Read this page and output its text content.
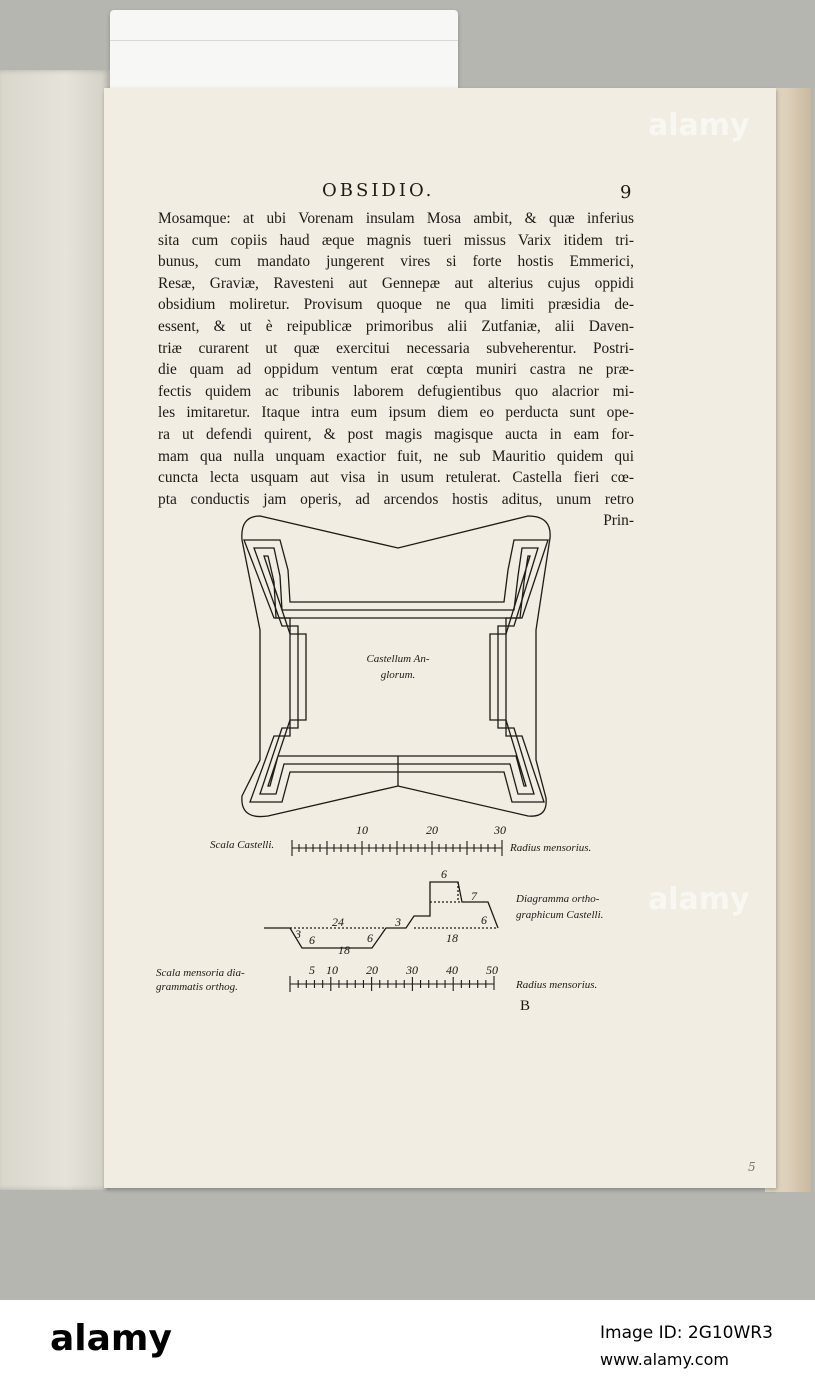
OBSIDIO.	9
Mosamque: at ubi Vorenam insulam Mosa ambit, & quæ inferius
sita cum copiis haud æque magnis tueri missus Varix itidem tri-
bunus, cum mandato jungerent vires si forte hostis Emmerici,
Resæ, Graviæ, Ravesteni aut Gennepæ aut alterius cujus oppidi
obsidium moliretur. Provisum quoque ne qua limiti præsidia de-
essent, & ut è reipublicæ primoribus alii Zutfaniæ, alii Daven-
triæ curarent ut quæ exercitui necessaria subveherentur. Postri-
die quam ad oppidum ventum erat cœpta muniri castra ne præ-
fectis quidem ac tribunis laborem defugientibus quo alacrior mi-
les imitaretur. Itaque intra eum ipsum diem eo perducta sunt ope-
ra ut defendi quirent, & post magis magisque aucta in eam for-
mam qua nulla unquam exactior fuit, ne sub Mauritio quidem qui
cuncta lecta usquam aut visa in usum retulerat. Castella fieri cœ-
pta conductis jam operis, ad arcendos hostis aditus, unum retro
Prin-
Castellum An-
glorum.
Scala Castelli.
10	20	30
Radius mensorius.
24
3 6
18
6
3
6
7
6
18
Diagramma ortho-
graphicum Castelli.
Scala mensoria dia-
grammatis orthog.
5 10 20 30 40 50
Radius mensorius.
B
alamy
alamy
5
alamy	Image ID: 2G10WR3
www.alamy.com
